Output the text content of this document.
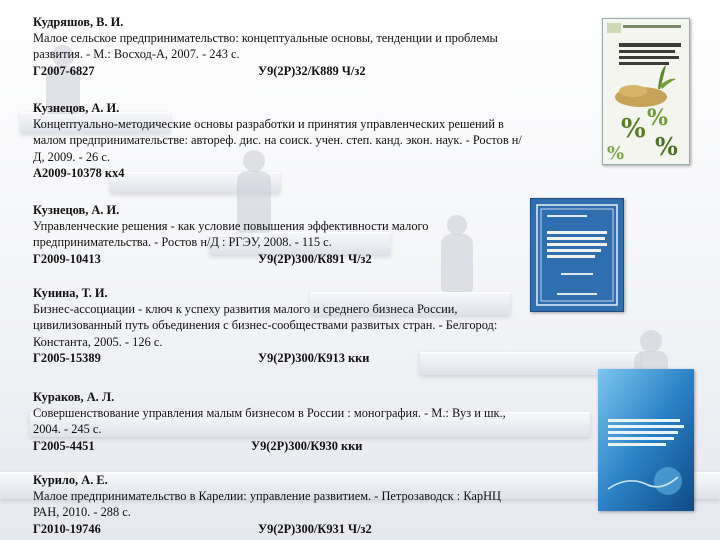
Кудряшов, В. И.
Малое сельское предпринимательство: концептуальные основы, тенденции и проблемы развития. - М.: Восход-А, 2007. - 243 с.
Г2007-6827	У9(2Р)32/К889 Ч/з2
Кузнецов, А. И.
Концептуально-методические основы разработки и принятия управленческих решений в малом предпринимательстве: автореф. дис. на соиск. учен. степ. канд. экон. наук. - Ростов н/Д, 2009. - 26 с.
А2009-10378 кх4
Кузнецов, А. И.
Управленческие решения - как условие повышения эффективности малого предпринимательства. - Ростов н/Д : РГЭУ, 2008. - 115 с.
Г2009-10413	У9(2Р)300/К891 Ч/з2
Кунина, Т. И.
Бизнес-ассоциации - ключ к успеху развития малого и среднего бизнеса России, цивилизованный путь объединения с бизнес-сообществами развитых стран. - Белгород: Константа, 2005. - 126 с.
Г2005-15389	У9(2Р)300/К913 кки
Кураков, А. Л.
Совершенствование управления малым бизнесом в России : монография. - М.: Вуз и шк., 2004. - 245 с.
Г2005-4451	У9(2Р)300/К930 кки
Курило, А. Е.
Малое предпринимательство в Карелии: управление развитием. - Петрозаводск : КарНЦ РАН, 2010. - 288 с.
Г2010-19746	У9(2Р)300/К931 Ч/з2
% %
%
%
